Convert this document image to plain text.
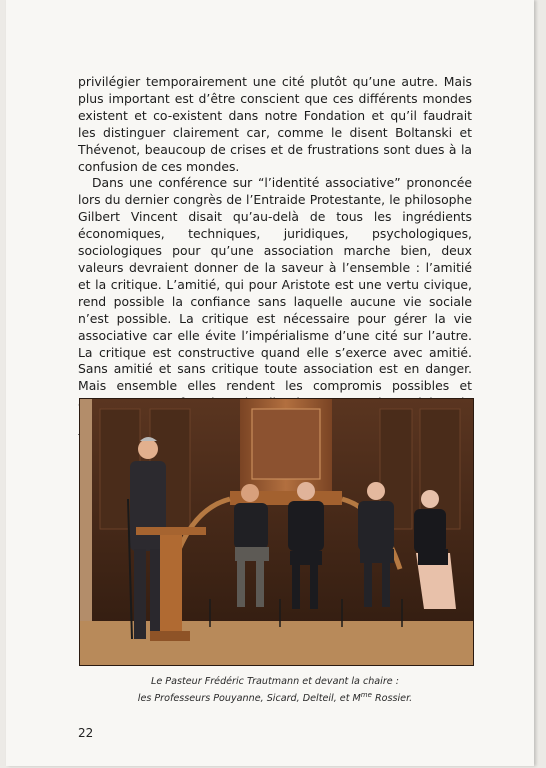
privilégier temporairement une cité plutôt qu’une autre. Mais plus important est d’être conscient que ces différents mondes existent et co-existent dans notre Fondation et qu’il faudrait les distinguer clairement car, comme le disent Boltanski et Thévenot, beaucoup de crises et de frustrations sont dues à la confusion de ces mondes.

Dans une conférence sur “l’identité associative” prononcée lors du dernier congrès de l’Entraide Protestante, le philosophe Gilbert Vincent disait qu’au-delà de tous les ingrédients économiques, techniques, juridiques, psychologiques, sociologiques pour qu’une association marche bien, deux valeurs devraient donner de la saveur à l’ensemble : l’amitié et la critique. L’amitié, qui pour Aristote est une vertu civique, rend possible la confiance sans laquelle aucune vie sociale n’est possible. La critique est nécessaire pour gérer la vie associative car elle évite l’impérialisme d’une cité sur l’autre. La critique est constructive quand elle s’exerce avec amitié. Sans amitié et sans critique toute association est en danger. Mais ensemble elles rendent les compromis possibles et

Le Pasteur Frédéric Trautmann et devant la chaire :
les Professeurs Pouyanne, Sicard, Delteil, et $M^{me}$ Rossier.
22
